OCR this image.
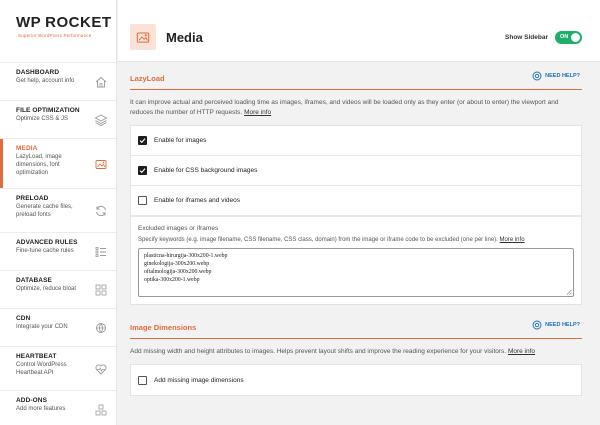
WP ROCKET
Superior WordPress Performance
DASHBOARD
Get help, account info
FILE OPTIMIZATION
Optimize CSS & JS
MEDIA
LazyLoad, image dimensions, font optimization
PRELOAD
Generate cache files, preload fonts
ADVANCED RULES
Fine-tune cache rules
DATABASE
Optimize, reduce bloat
CDN
Integrate your CDN
HEARTBEAT
Control WordPress Heartbeat API
ADD-ONS
Add more features
Media	Show Sidebar ON
LazyLoad	NEED HELP?
It can improve actual and perceived loading time as images, iframes, and videos will be loaded only as they enter (or about to enter) the viewport and reduces the number of HTTP requests. More info
Enable for images
Enable for CSS background images
Enable for iframes and videos
Excluded images or iframes
Specify keywords (e.g. image filename, CSS filename, CSS class, domain) from the image or iframe code to be excluded (one per line). More info
plasticna-hirurgija-300x200-1.webp
ginekologija-300x200.webp
oftalmologija-300x200.webp
optika-300x200-1.webp
Image Dimensions	NEED HELP?
Add missing width and height attributes to images. Helps prevent layout shifts and improve the reading experience for your visitors. More info
Add missing image dimensions
